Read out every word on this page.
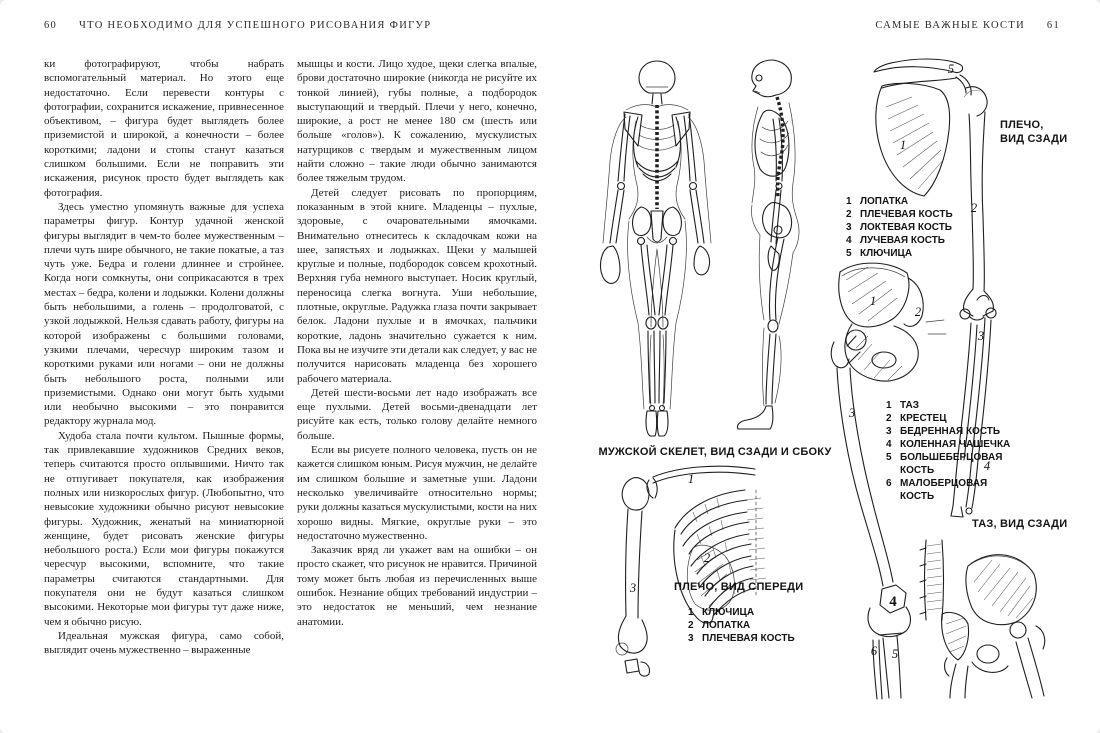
60 ЧТО НЕОБХОДИМО ДЛЯ УСПЕШНОГО РИСОВАНИЯ ФИГУР	САМЫЕ ВАЖНЫЕ КОСТИ 61

ки фотографируют, чтобы набрать вспомогательный материал. Но этого еще недостаточно. Если перевести контуры с фотографии, сохранится искажение, привнесенное объективом, – фигура будет выглядеть более приземистой и широкой, а конечности – более короткими; ладони и стопы станут казаться слишком большими. Если не поправить эти искажения, рисунок просто будет выглядеть как фотография.

Здесь уместно упомянуть важные для успеха параметры фигур. Контур удачной женской фигуры выглядит в чем-то более мужественным – плечи чуть шире обычного, не такие покатые, а таз чуть уже. Бедра и голени длиннее и стройнее. Когда ноги сомкнуты, они соприкасаются в трех местах – бедра, колени и лодыжки. Колени должны быть небольшими, а голень – продолговатой, с узкой лодыжкой. Нельзя сдавать работу, фигуры на которой изображены с большими головами, узкими плечами, чересчур широким тазом и короткими руками или ногами – они не должны быть небольшого роста, полными или приземистыми. Однако они могут быть худыми или необычно высокими – это понравится редактору журнала мод.

Худоба стала почти культом. Пышные формы, так привлекавшие художников Средних веков, теперь считаются просто оплывшими. Ничто так не отпугивает покупателя, как изображения полных или низкорослых фигур. (Любопытно, что невысокие художники обычно рисуют невысокие фигуры. Художник, женатый на миниатюрной женщине, будет рисовать женские фигуры небольшого роста.) Если мои фигуры покажутся чересчур высокими, вспомните, что такие параметры считаются стандартными. Для покупателя они не будут казаться слишком высокими. Некоторые мои фигуры тут даже ниже, чем я обычно рисую.

Идеальная мужская фигура, само собой, выглядит очень мужественно – выраженные

мышцы и кости. Лицо худое, щеки слегка впалые, брови достаточно широкие (никогда не рисуйте их тонкой линией), губы полные, а подбородок выступающий и твердый. Плечи у него, конечно, широкие, а рост не менее 180 см (шесть или больше «голов»). К сожалению, мускулистых натурщиков с твердым и мужественным лицом найти сложно – такие люди обычно занимаются более тяжелым трудом.

Детей следует рисовать по пропорциям, показанным в этой книге. Младенцы – пухлые, здоровые, с очаровательными ямочками. Внимательно отнеситесь к складочкам кожи на шее, запястьях и лодыжках. Щеки у малышей круглые и полные, подбородок совсем крохотный. Верхняя губа немного выступает. Носик круглый, переносица слегка вогнута. Уши небольшие, плотные, округлые. Радужка глаза почти закрывает белок. Ладони пухлые и в ямочках, пальчики короткие, ладонь значительно сужается к ним. Пока вы не изучите эти детали как следует, у вас не получится нарисовать младенца без хорошего рабочего материала.

Детей шести-восьми лет надо изображать все еще пухлыми. Детей восьми-двенадцати лет рисуйте как есть, только голову делайте немного больше.

Если вы рисуете полного человека, пусть он не кажется слишком юным. Рисуя мужчин, не делайте им слишком большие и заметные уши. Ладони несколько увеличивайте относительно нормы; руки должны казаться мускулистыми, кости на них хорошо видны. Мягкие, округлые руки – это недостаточно мужественно.

Заказчик вряд ли укажет вам на ошибки – он просто скажет, что рисунок не нравится. Причиной тому может быть любая из перечисленных выше ошибок. Незнание общих требований индустрии – это недостаток не меньший, чем незнание анатомии.

МУЖСКОЙ СКЕЛЕТ, ВИД СЗАДИ И СБОКУ
5
1
2
3
4
ПЛЕЧО,
ВИД СЗАДИ
1 ЛОПАТКА
2 ПЛЕЧЕВАЯ КОСТЬ
3 ЛОКТЕВАЯ КОСТЬ
4 ЛУЧЕВАЯ КОСТЬ
5 КЛЮЧИЦА
1
2
3
4
5
6
1 ТАЗ
2 КРЕСТЕЦ
3 БЕДРЕННАЯ КОСТЬ
4 КОЛЕННАЯ ЧАШЕЧКА
5 БОЛЬШЕБЕРЦОВАЯ КОСТЬ
6 МАЛОБЕРЦОВАЯ КОСТЬ
ТАЗ, ВИД СЗАДИ
1
2
3	ПЛЕЧО, ВИД СПЕРЕДИ
1 КЛЮЧИЦА
2 ЛОПАТКА
3 ПЛЕЧЕВАЯ КОСТЬ
